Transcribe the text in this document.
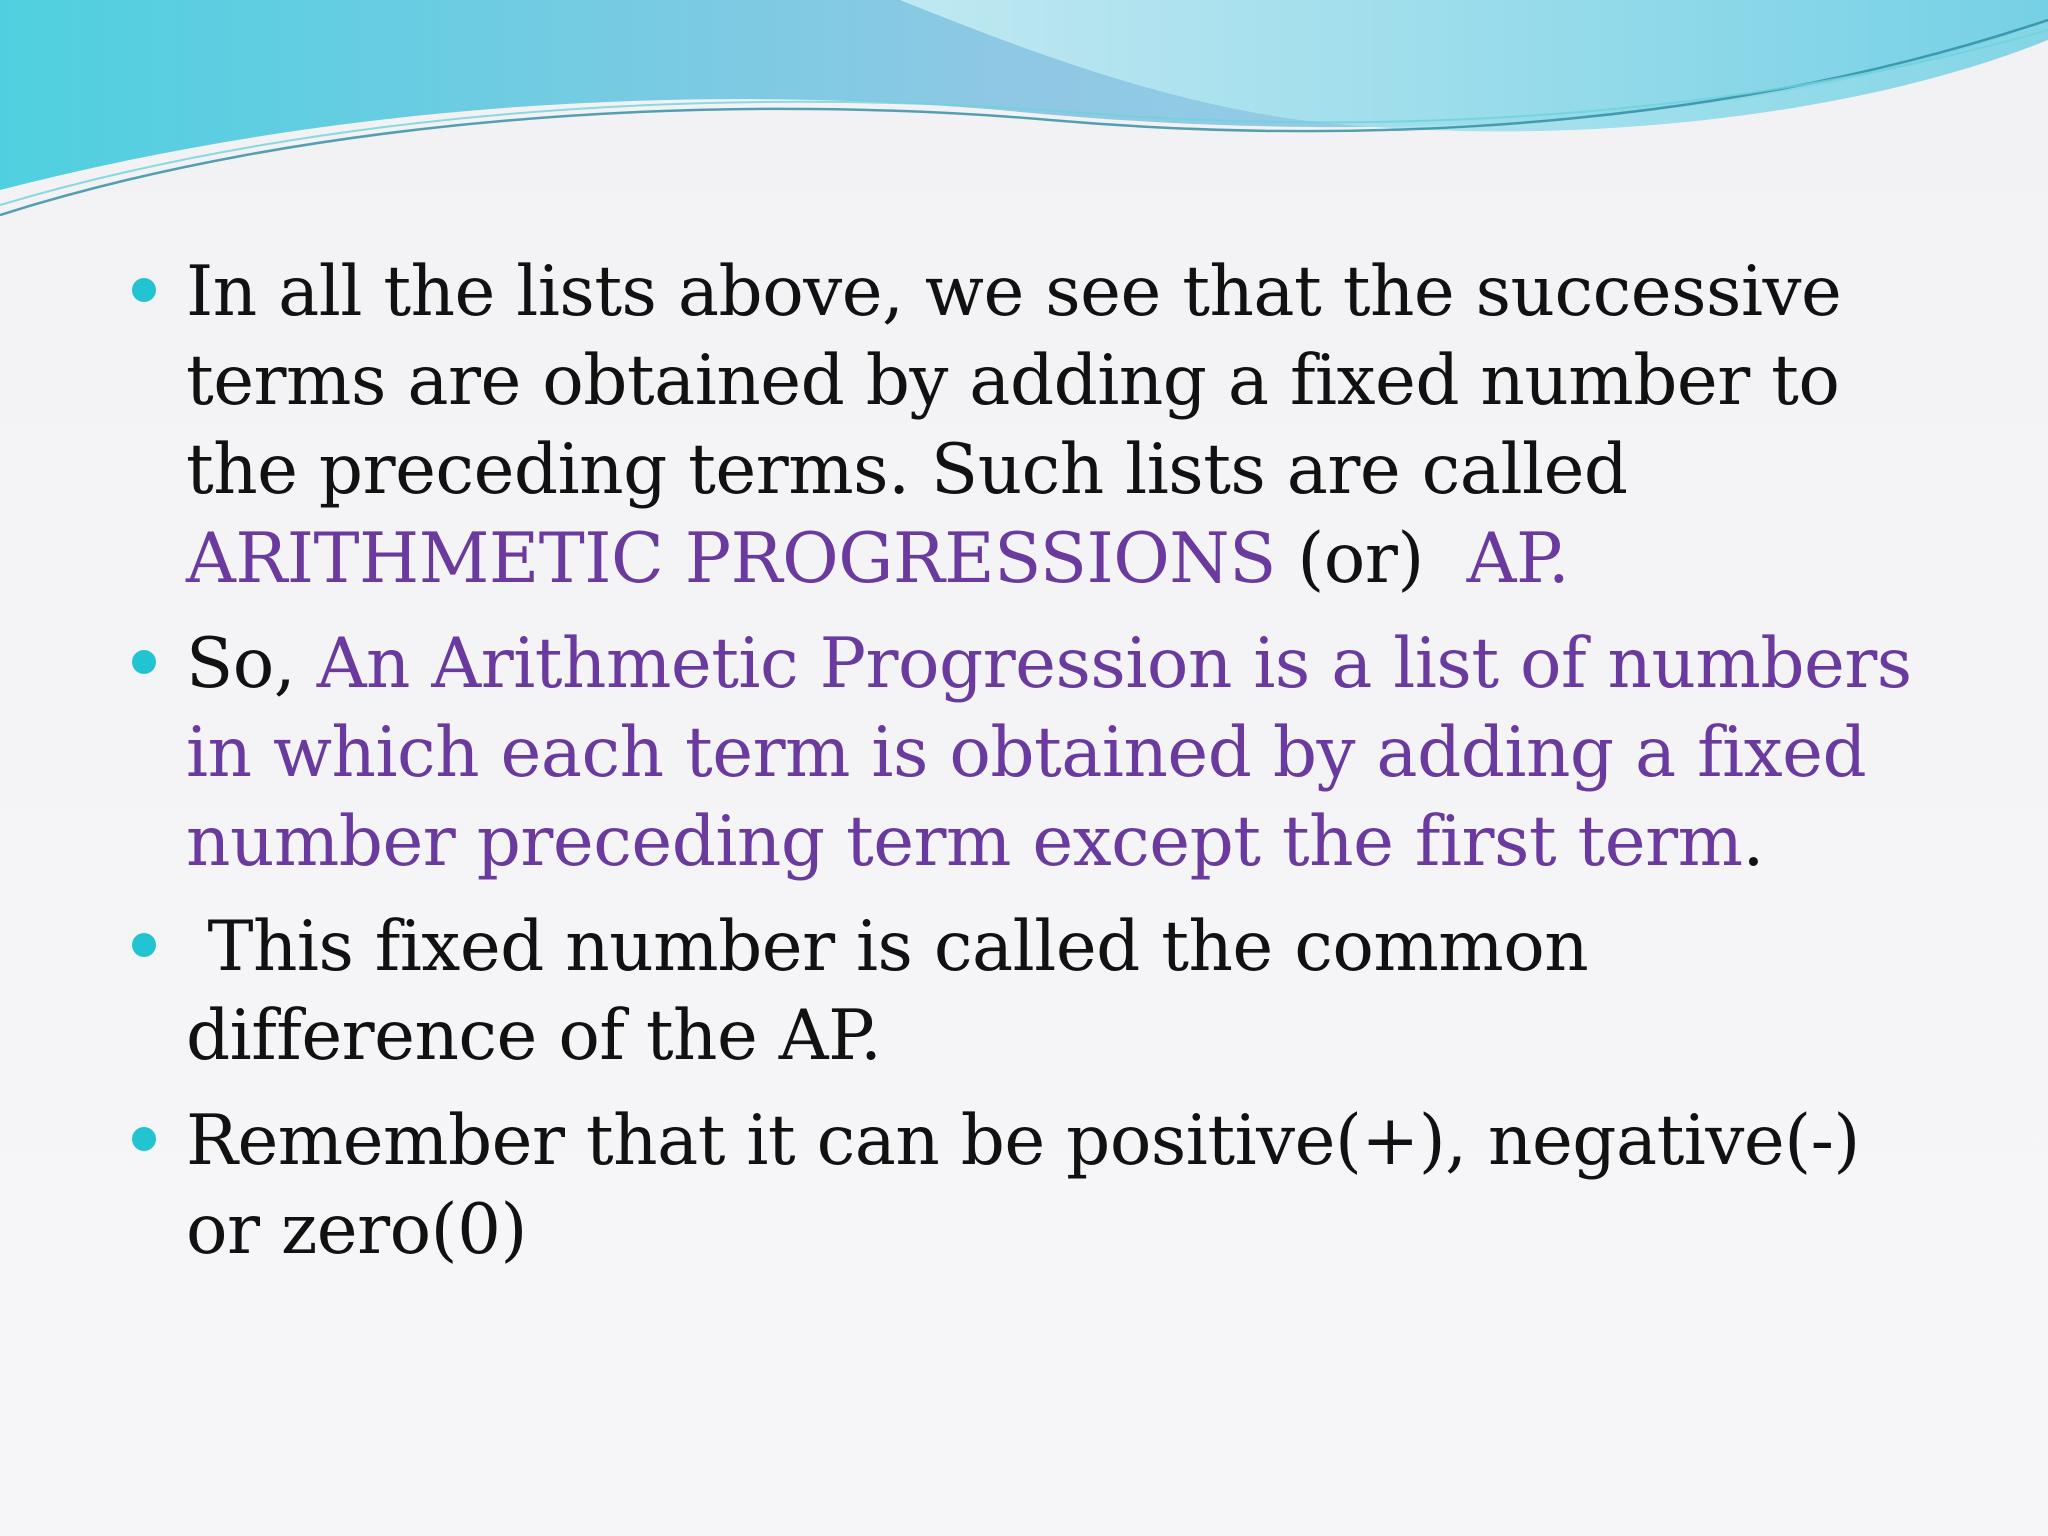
In all the lists above, we see that the successive terms are obtained by adding a fixed number to the preceding terms. Such lists are called ARITHMETIC PROGRESSIONS (or)  AP.
So, An Arithmetic Progression is a list of numbers in which each term is obtained by adding a fixed number preceding term except the first term.
This fixed number is called the common difference of the AP.
Remember that it can be positive(+), negative(-) or zero(0)
